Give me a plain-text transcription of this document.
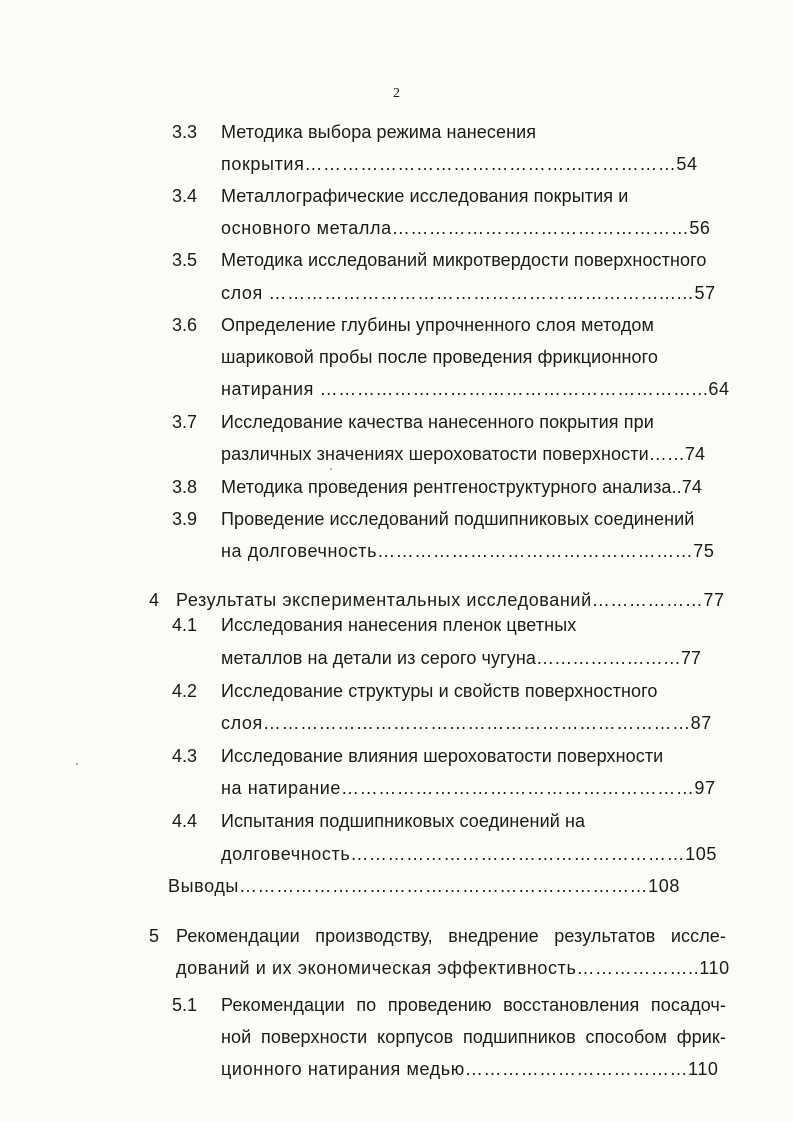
2
3.3 Методика выбора режима нанесения
покрытия……………………………………………………54
3.4 Металлографические исследования покрытия и
основного металла…………………………………………56
3.5 Методика исследований микротвердости поверхностного
слоя ………………………………………………………...…57
3.6 Определение глубины упрочненного слоя методом
шариковой пробы после проведения фрикционного
натирания ……………………………………………………...64
3.7 Исследование качества нанесенного покрытия при
различных значениях шероховатости поверхности……74
3.8 Методика проведения рентгеноструктурного анализа..74
3.9 Проведение исследований подшипниковых соединений
на долговечность……………………………………………75
4 Результаты экспериментальных исследований………………77
4.1 Исследования нанесения пленок цветных
металлов на детали из серого чугуна……………………77
4.2 Исследование структуры и свойств поверхностного
слоя……………………………………………………………87
4.3 Исследование влияния шероховатости поверхности
на натирание…………………………………………………97
4.4 Испытания подшипниковых соединений на
долговечность………………………………………………105
Выводы…………………………………………………………108
5 Рекомендации производству, внедрение результатов иссле-
дований и их экономическая эффективность………………..110
5.1 Рекомендации по проведению восстановления посадоч-
ной поверхности корпусов подшипников способом фрик-
ционного натирания медью………………………………110
